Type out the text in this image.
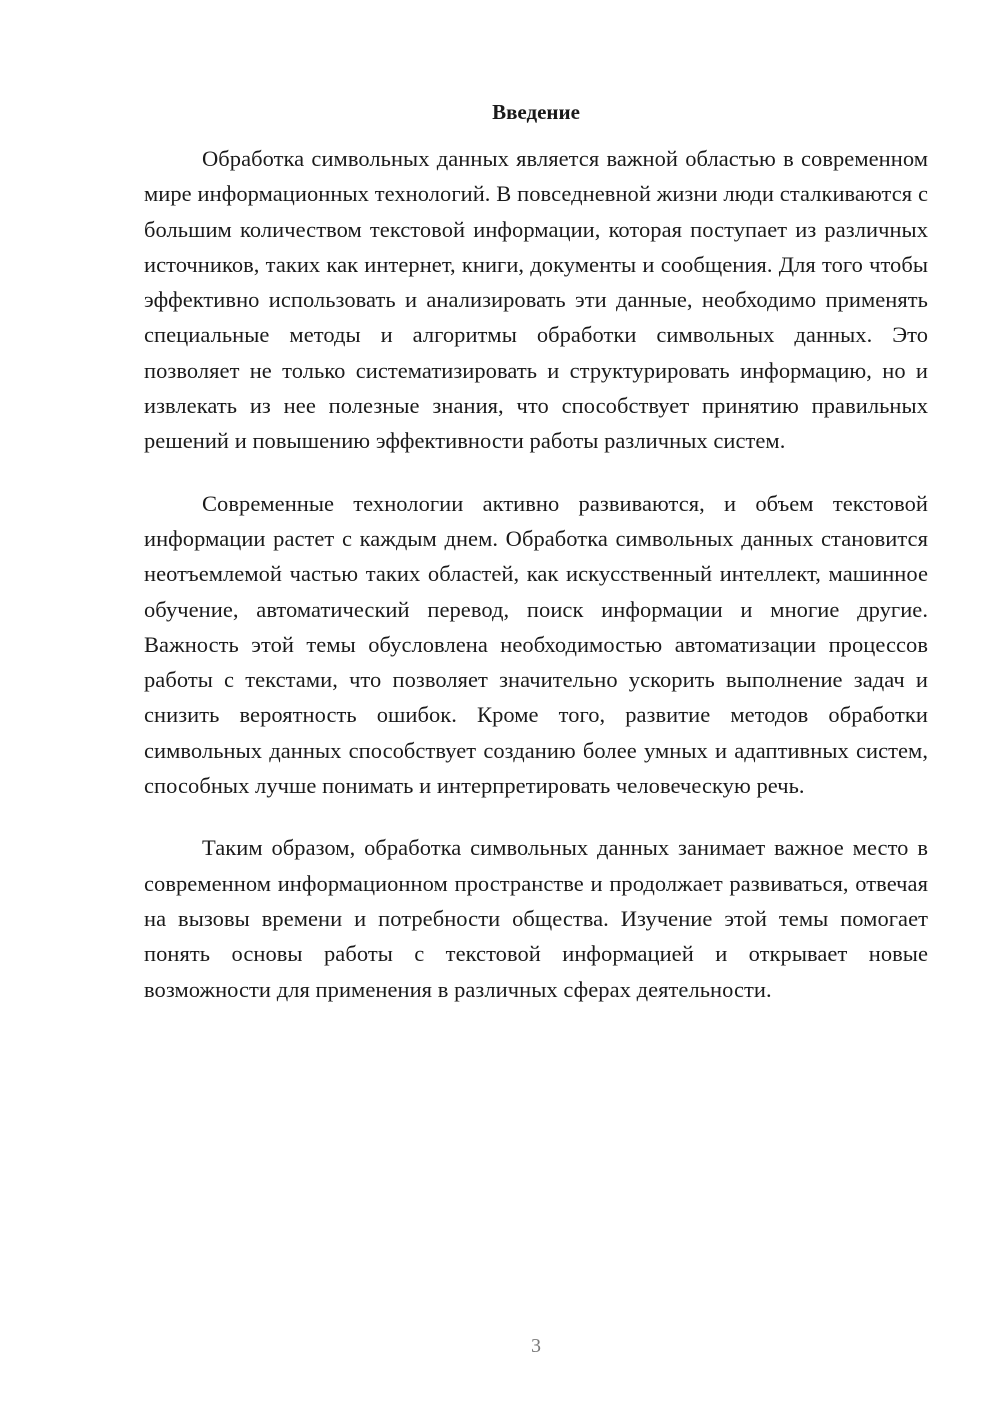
Введение

Обработка символьных данных является важной областью в современном мире информационных технологий. В повседневной жизни люди сталкиваются с большим количеством текстовой информации, которая поступает из различных источников, таких как интернет, книги, документы и сообщения. Для того чтобы эффективно использовать и анализировать эти данные, необходимо применять специальные методы и алгоритмы обработки символьных данных. Это позволяет не только систематизировать и структурировать информацию, но и извлекать из нее полезные знания, что способствует принятию правильных решений и повышению эффективности работы различных систем.

Современные технологии активно развиваются, и объем текстовой информации растет с каждым днем. Обработка символьных данных становится неотъемлемой частью таких областей, как искусственный интеллект, машинное обучение, автоматический перевод, поиск информации и многие другие. Важность этой темы обусловлена необходимостью автоматизации процессов работы с текстами, что позволяет значительно ускорить выполнение задач и снизить вероятность ошибок. Кроме того, развитие методов обработки символьных данных способствует созданию более умных и адаптивных систем, способных лучше понимать и интерпретировать человеческую речь.

Таким образом, обработка символьных данных занимает важное место в современном информационном пространстве и продолжает развиваться, отвечая на вызовы времени и потребности общества. Изучение этой темы помогает понять основы работы с текстовой информацией и открывает новые возможности для применения в различных сферах деятельности.

3
